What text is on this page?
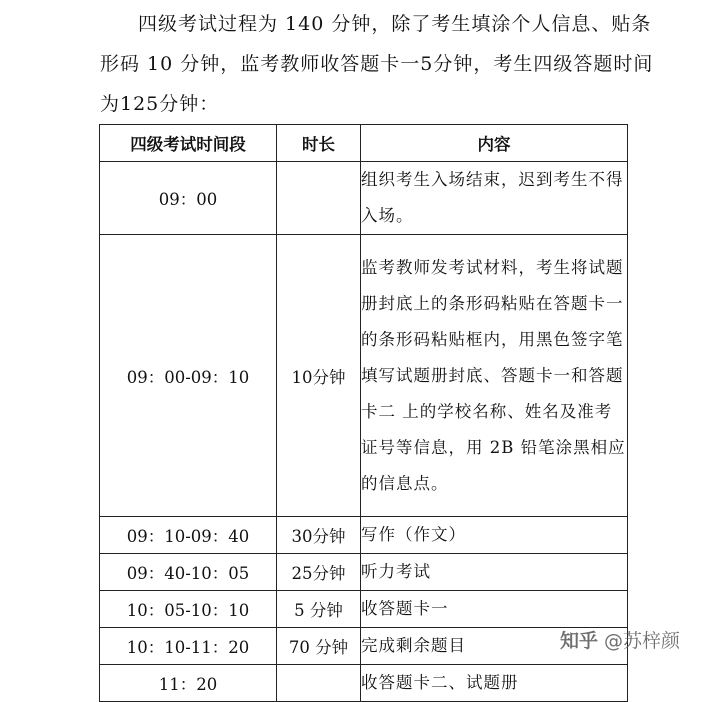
四级考试过程为 140 分钟，除了考生填涂个人信息、贴条
形码 10 分钟，监考教师收答题卡一5分钟，考生四级答题时间
为125分钟：
四级考试时间段	时长	内容
09：00		组织考生入场结束，迟到考生不得入场。
09：00-09：10	10分钟	监考教师发考试材料，考生将试题册封底上的条形码粘贴在答题卡一的条形码粘贴框内，用黑色签字笔填写试题册封底、答题卡一和答题卡二 上的学校名称、姓名及准考证号等信息，用 2B 铅笔涂黑相应的信息点。
09：10-09：40	30分钟	写作（作文）
09：40-10：05	25分钟	听力考试
10：05-10：10	5 分钟	收答题卡一
10：10-11：20	70 分钟	完成剩余题目
11：20		收答题卡二、试题册
知乎 @苏梓颜
